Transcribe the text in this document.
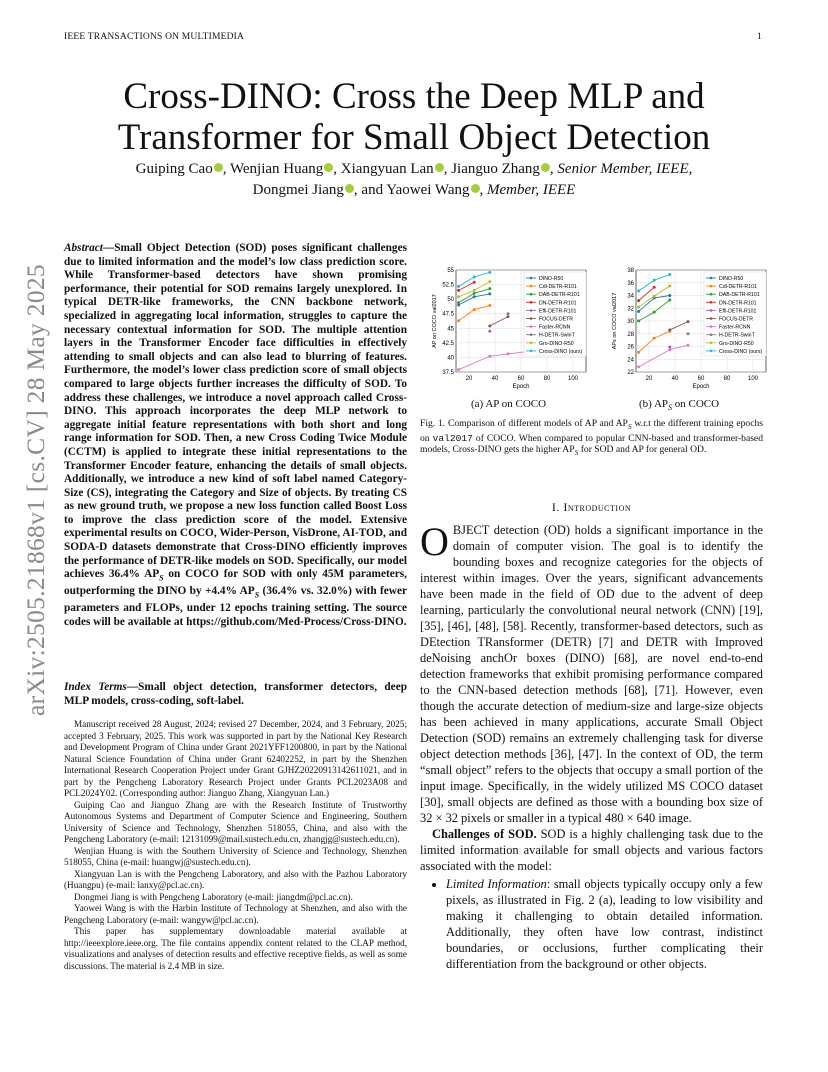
IEEE TRANSACTIONS ON MULTIMEDIA	1
arXiv:2505.21868v1 [cs.CV] 28 May 2025
Cross-DINO: Cross the Deep MLP and Transformer for Small Object Detection
Guiping Cao , Wenjian Huang , Xiangyuan Lan , Jianguo Zhang , Senior Member, IEEE,
Dongmei Jiang , and Yaowei Wang , Member, IEEE
Abstract—Small Object Detection (SOD) poses significant challenges due to limited information and the model’s low class prediction score. While Transformer-based detectors have shown promising performance, their potential for SOD remains largely unexplored. In typical DETR-like frameworks, the CNN backbone network, specialized in aggregating local information, struggles to capture the necessary contextual information for SOD. The multiple attention layers in the Transformer Encoder face difficulties in effectively attending to small objects and can also lead to blurring of features. Furthermore, the model’s lower class prediction score of small objects compared to large objects further increases the difficulty of SOD. To address these challenges, we introduce a novel approach called Cross-DINO. This approach incorporates the deep MLP network to aggregate initial feature representations with both short and long range information for SOD. Then, a new Cross Coding Twice Module (CCTM) is applied to integrate these initial representations to the Transformer Encoder feature, enhancing the details of small objects. Additionally, we introduce a new kind of soft label named Category-Size (CS), integrating the Category and Size of objects. By treating CS as new ground truth, we propose a new loss function called Boost Loss to improve the class prediction score of the model. Extensive experimental results on COCO, Wider-Person, VisDrone, AI-TOD, and SODA-D datasets demonstrate that Cross-DINO efficiently improves the performance of DETR-like models on SOD. Specifically, our model achieves 36.4% $AP_S$ on COCO for SOD with only 45M parameters, outperforming the DINO by +4.4% $AP_S$ (36.4% vs. 32.0%) with fewer parameters and FLOPs, under 12 epochs training setting. The source codes will be available at https://github.com/Med-Process/Cross-DINO.
Index Terms—Small object detection, transformer detectors, deep MLP models, cross-coding, soft-label.

Manuscript received 28 August, 2024; revised 27 December, 2024, and 3 February, 2025; accepted 3 February, 2025. This work was supported in part by the National Key Research and Development Program of China under Grant 2021YFF1200800, in part by the National Natural Science Foundation of China under Grant 62402252, in part by the Shenzhen International Research Cooperation Project under Grant GJHZ20220913142611021, and in part by the Pengcheng Laboratory Research Project under Grants PCL2023A08 and PCL2024Y02. (Corresponding author: Jianguo Zhang, Xiangyuan Lan.)

Guiping Cao and Jianguo Zhang are with the Research Institute of Trustworthy Autonomous Systems and Department of Computer Science and Engineering, Southern University of Science and Technology, Shenzhen 518055, China, and also with the Pengcheng Laboratory (e-mail: 12131099@mail.sustech.edu.cn, zhangjg@sustech.edu.cn).

Wenjian Huang is with the Southern University of Science and Technology, Shenzhen 518055, China (e-mail: huangwj@sustech.edu.cn).

Xiangyuan Lan is with the Pengcheng Laboratory, and also with the Pazhou Laboratory (Huangpu) (e-mail: lanxy@pcl.ac.cn).

Dongmei Jiang is with Pengcheng Laboratory (e-mail: jiangdm@pcl.ac.cn).

Yaowei Wang is with the Harbin Institute of Technology at Shenzhen, and also with the Pengcheng Laboratory (e-mail: wangyw@pcl.ac.cn).

This paper has supplementary downloadable material available at http://ieeexplore.ieee.org. The file contains appendix content related to the CLAP method, visualizations and analyses of detection results and effective receptive fields, as well as some discussions. The material is 2.4 MB in size.

20	40	60	80	100
37.5
40
42.5
45
47.5
50
52.5
55
Epoch
AP on COCO val2017
DINO-R50
Cdl-DETR-R101
DAB-DETR-R101
DN-DETR-R101
Effi-DETR-R101
FOCUS-DETR
Faster-RCNN
H-DETR-SwinT
Gro-DINO-R50
Cross-DINO (ours)
20	40	60	80	100
22
24
26
28
30
32
34
36
38
Epoch
APs on COCO val2017
DINO-R50
Cdl-DETR-R101
DAB-DETR-R101
DN-DETR-R101
Effi-DETR-R101
FOCUS-DETR
Faster-RCNN
H-DETR-SwinT
Gro-DINO-R50
Cross-DINO (ours)
(a) AP on COCO	(b) $AP_S$ on COCO
Fig. 1. Comparison of different models of AP and $AP_S$ w.r.t the different training epochs on val2017 of COCO. When compared to popular CNN-based and transformer-based models, Cross-DINO gets the higher $AP_S$ for SOD and AP for general OD.
I. Introduction

OBJECT detection (OD) holds a significant importance in the domain of computer vision. The goal is to identify the bounding boxes and recognize categories for the objects of interest within images. Over the years, significant advancements have been made in the field of OD due to the advent of deep learning, particularly the convolutional neural network (CNN) [19], [35], [46], [48], [58]. Recently, transformer-based detectors, such as DEtection TRansformer (DETR) [7] and DETR with Improved deNoising anchOr boxes (DINO) [68], are novel end-to-end detection frameworks that exhibit promising performance compared to the CNN-based detection methods [68], [71]. However, even though the accurate detection of medium-size and large-size objects has been achieved in many applications, accurate Small Object Detection (SOD) remains an extremely challenging task for diverse object detection methods [36], [47]. In the context of OD, the term “small object” refers to the objects that occupy a small portion of the input image. Specifically, in the widely utilized MS COCO dataset [30], small objects are defined as those with a bounding box size of 32 × 32 pixels or smaller in a typical 480 × 640 image.

Challenges of SOD. SOD is a highly challenging task due to the limited information available for small objects and various factors associated with the model:

• Limited Information: small objects typically occupy only a few pixels, as illustrated in Fig. 2 (a), leading to low visibility and making it challenging to obtain detailed information. Additionally, they often have low contrast, indistinct boundaries, or occlusions, further complicating their differentiation from the background or other objects.
